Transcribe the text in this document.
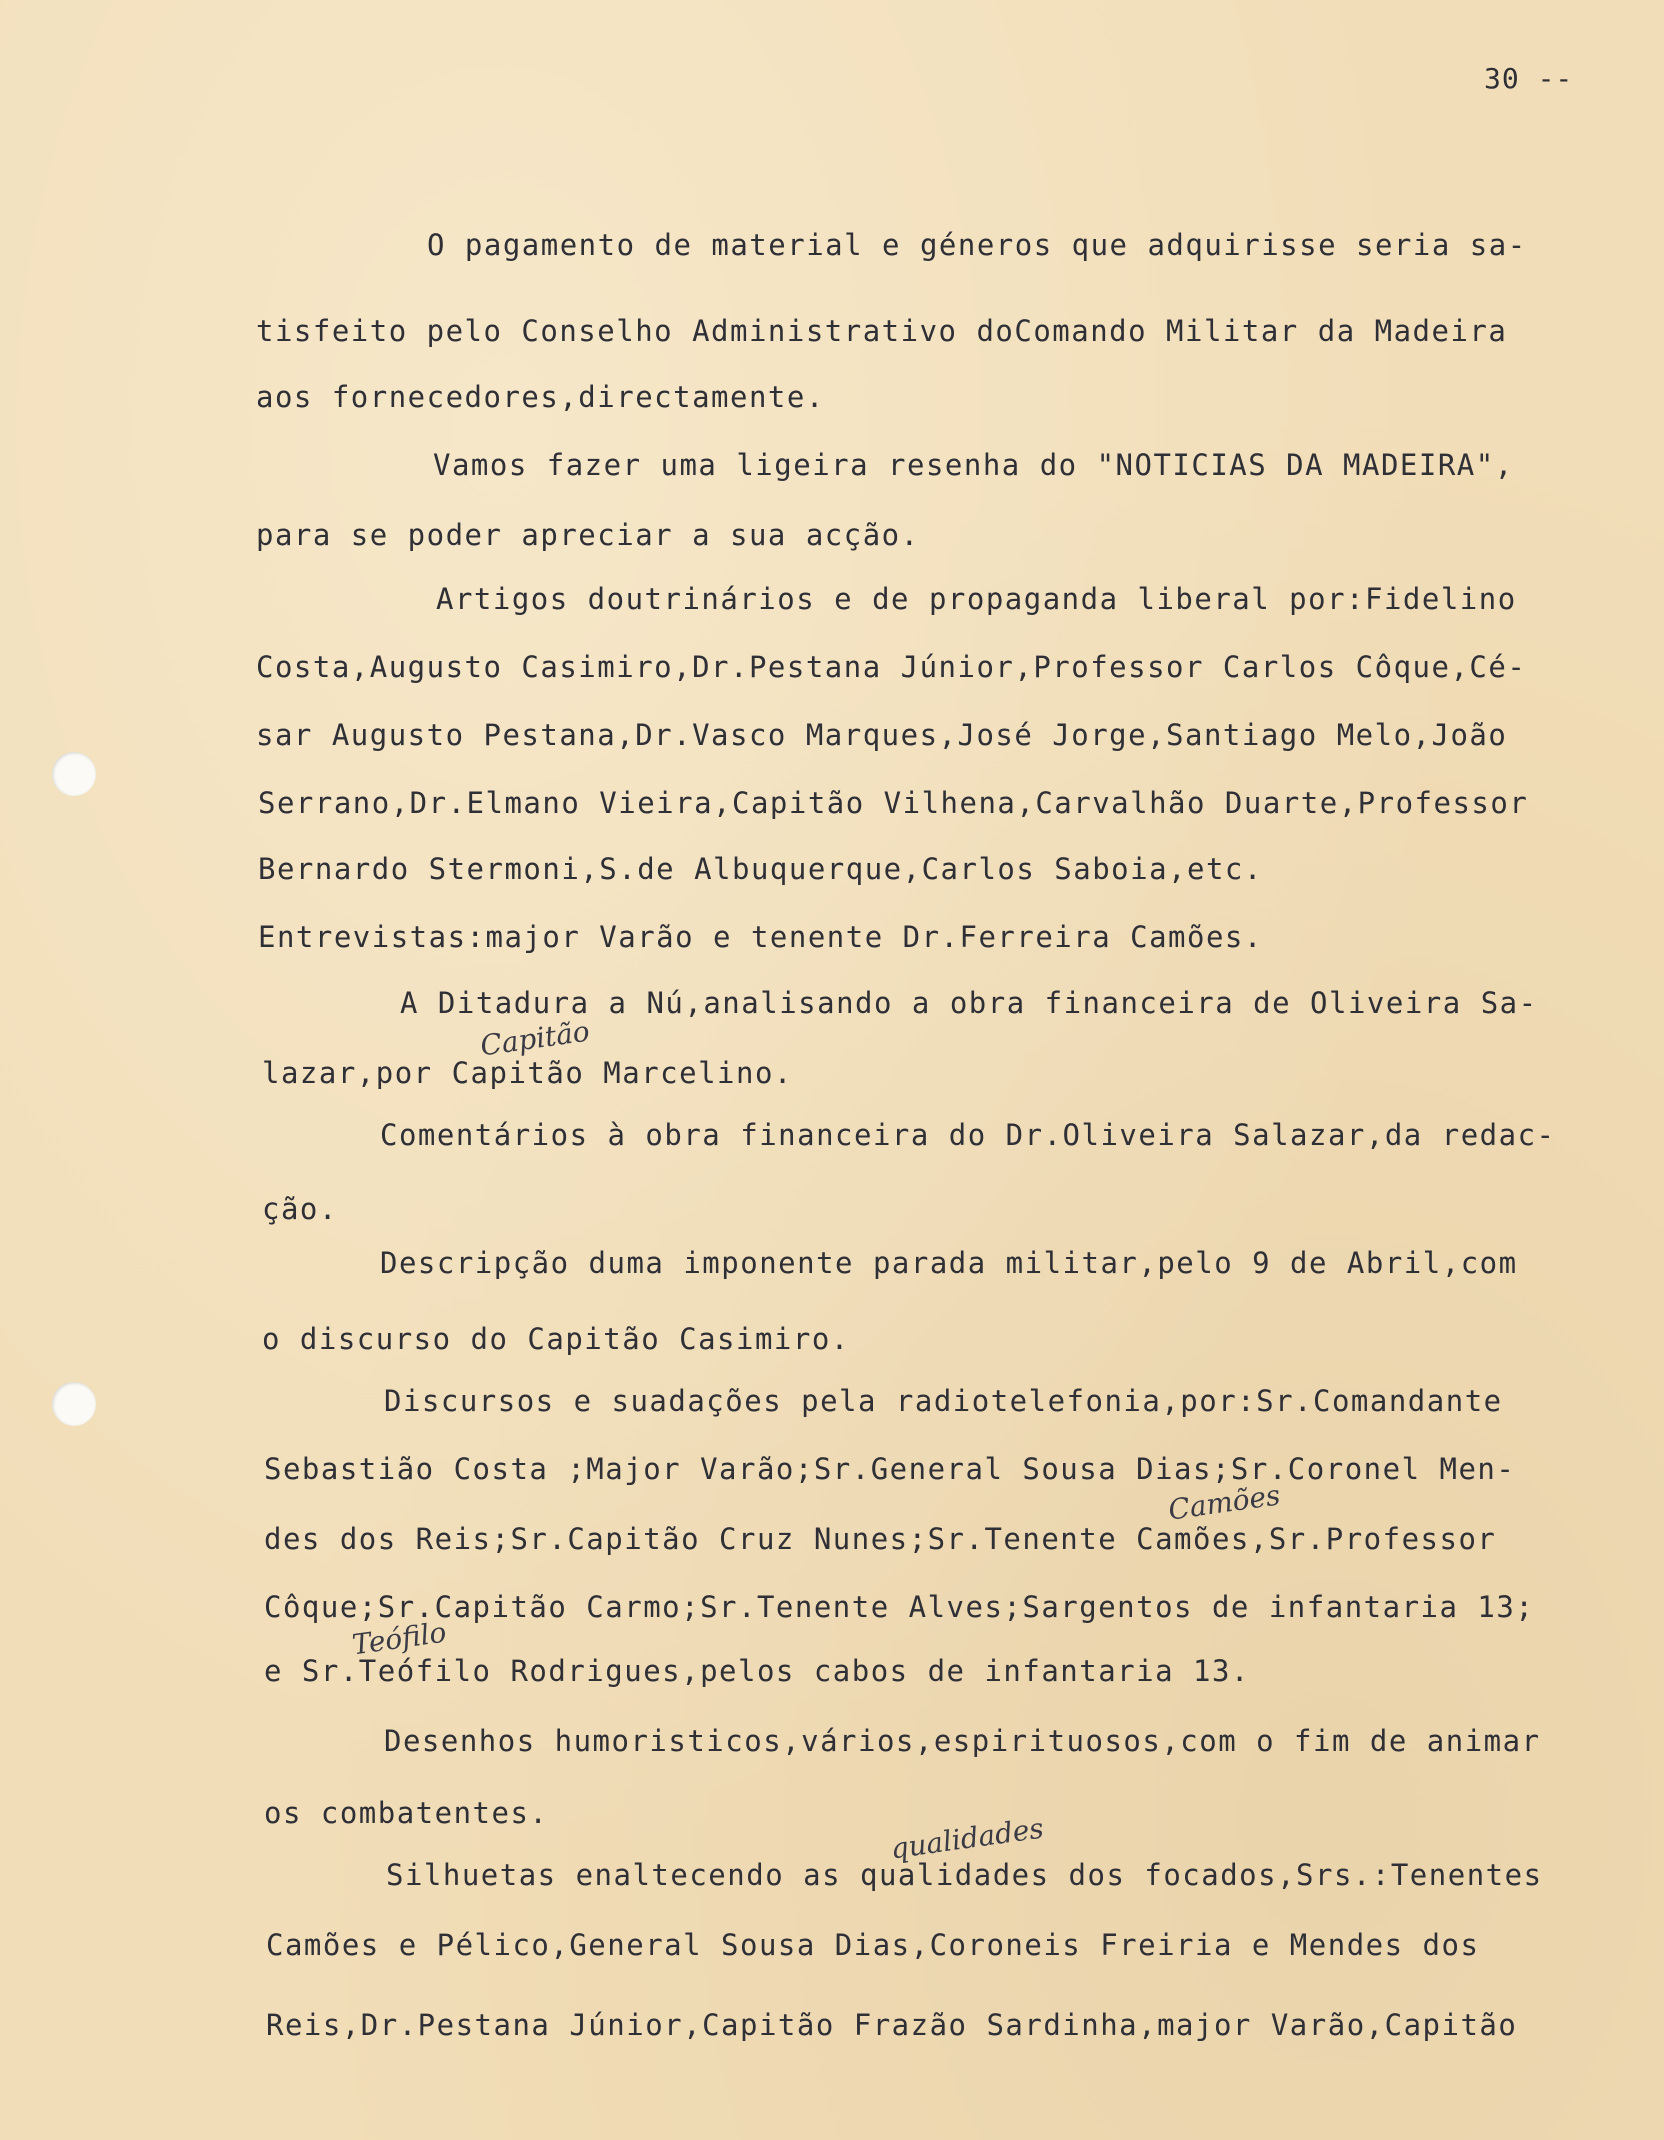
30 --
O pagamento de material e géneros que adquirisse seria sa-
tisfeito pelo Conselho Administrativo doComando Militar da Madeira
aos fornecedores,directamente.
Vamos fazer uma ligeira resenha do "NOTICIAS DA MADEIRA",
para se poder apreciar a sua acção.
Artigos doutrinários e de propaganda liberal por:Fidelino
Costa,Augusto Casimiro,Dr.Pestana Júnior,Professor Carlos Côque,Cé-
sar Augusto Pestana,Dr.Vasco Marques,José Jorge,Santiago Melo,João
Serrano,Dr.Elmano Vieira,Capitão Vilhena,Carvalhão Duarte,Professor
Bernardo Stermoni,S.de Albuquerque,Carlos Saboia,etc.
Entrevistas:major Varão e tenente Dr.Ferreira Camões.
A Ditadura a Nú,analisando a obra financeira de Oliveira Sa-
lazar,por Capitão Marcelino.
Comentários à obra financeira do Dr.Oliveira Salazar,da redac-
ção.
Descripção duma imponente parada militar,pelo 9 de Abril,com
o discurso do Capitão Casimiro.
Discursos e suadações pela radiotelefonia,por:Sr.Comandante
Sebastião Costa ;Major Varão;Sr.General Sousa Dias;Sr.Coronel Men-
des dos Reis;Sr.Capitão Cruz Nunes;Sr.Tenente Camões,Sr.Professor
Côque;Sr.Capitão Carmo;Sr.Tenente Alves;Sargentos de infantaria 13;
e Sr.Teófilo Rodrigues,pelos cabos de infantaria 13.
Desenhos humoristicos,vários,espirituosos,com o fim de animar
os combatentes.
Silhuetas enaltecendo as qualidades dos focados,Srs.:Tenentes
Camões e Pélico,General Sousa Dias,Coroneis Freiria e Mendes dos
Reis,Dr.Pestana Júnior,Capitão Frazão Sardinha,major Varão,Capitão
Capitão
Camões
Teófilo
qualidades
